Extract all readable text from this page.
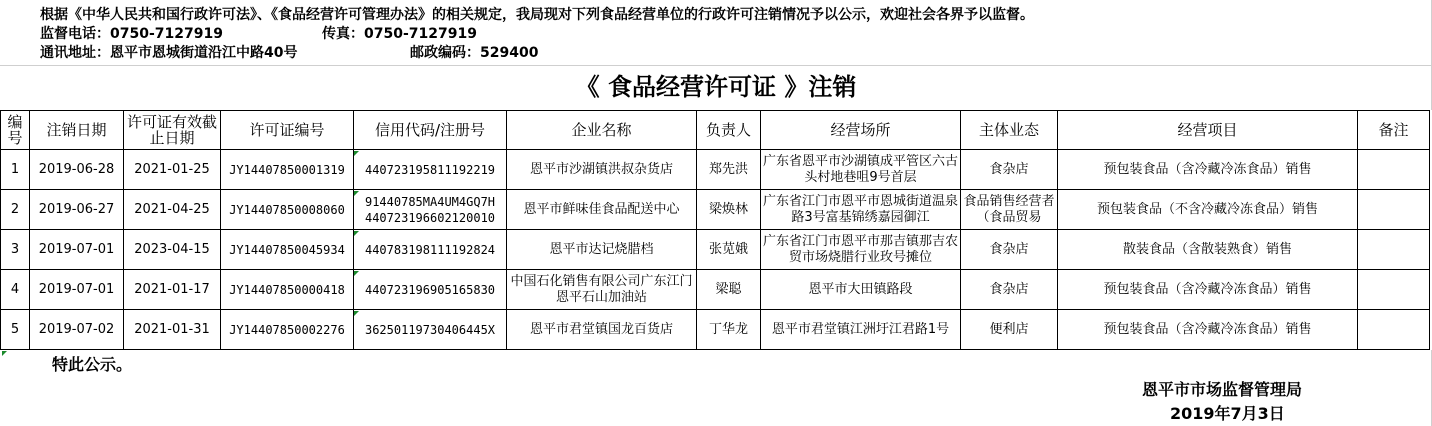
根据《中华人民共和国行政许可法》、《食品经营许可管理办法》的相关规定，我局现对下列食品经营单位的行政许可注销情况予以公示，欢迎社会各界予以监督。
监督电话：0750-7127919	传真：0750-7127919
通讯地址：恩平市恩城街道沿江中路40号	邮政编码：529400
《 食品经营许可证 》注销
编号	注销日期	许可证有效截止日期	许可证编号	信用代码/注册号	企业名称	负责人	经营场所	主体业态	经营项目	备注
1	2019-06-28	2021-01-25	JY14407850001319	440723195811192219	恩平市沙湖镇洪叔杂货店	郑先洪	广东省恩平市沙湖镇成平管区六古头村地巷咀9号首层	食杂店	预包装食品（含冷藏冷冻食品）销售	
2	2019-06-27	2021-04-25	JY14407850008060	91440785MA4UM4GQ7H 440723196602120010	恩平市鲜味佳食品配送中心	梁焕林	广东省江门市恩平市恩城街道温泉路3号富基锦绣嘉园御江	食品销售经营者（食品贸易	预包装食品（不含冷藏冷冻食品）销售	
3	2019-07-01	2023-04-15	JY14407850045934	440783198111192824	恩平市达记烧腊档	张苋娥	广东省江门市恩平市那吉镇那吉农贸市场烧腊行业玫号摊位	食杂店	散装食品（含散装熟食）销售	
4	2019-07-01	2021-01-17	JY14407850000418	440723196905165830	中国石化销售有限公司广东江门恩平石山加油站	梁聪	恩平市大田镇路段	食杂店	预包装食品（含冷藏冷冻食品）销售	
5	2019-07-02	2021-01-31	JY14407850002276	36250119730406445X	恩平市君堂镇国龙百货店	丁华龙	恩平市君堂镇江洲圩江君路1号	便利店	预包装食品（含冷藏冷冻食品）销售	
特此公示。
恩平市市场监督管理局
2019年7月3日
